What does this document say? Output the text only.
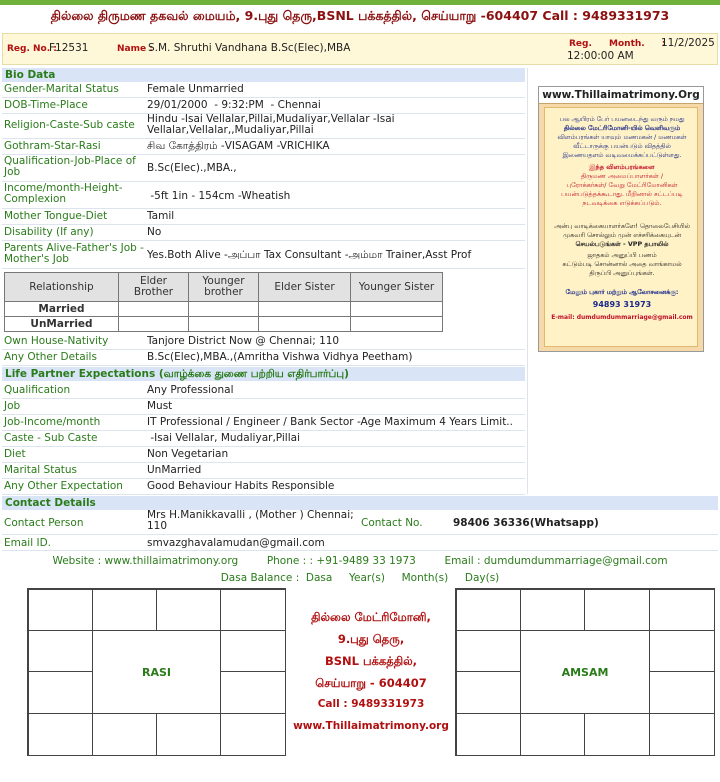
தில்லை திருமண தகவல் மையம், 9.புது தெரு,BSNL பக்கத்தில், செய்யாறு -604407 Call : 9489331973
Reg. No. :
F12531	Name :
S.M. Shruthi Vandhana B.Sc(Elec),MBA	Reg. Month. :
11/2/2025
12:00:00 AM
Bio Data
Gender-Marital Status	Female Unmarried
DOB-Time-Place	29/01/2000  - 9:32:PM  - Chennai
Religion-Caste-Sub caste	Hindu -Isai Vellalar,Pillai,Mudaliyar,Vellalar -Isai Vellalar,Vellalar,,Mudaliyar,Pillai
Gothram-Star-Rasi	சிவ கோத்திரம் -VISAGAM -VRICHIKA
Qualification-Job-Place of Job	B.Sc(Elec).,MBA.,
Income/month-Height-Complexion	-5ft 1in - 154cm -Wheatish
Mother Tongue-Diet	Tamil
Disability (If any)	No
Parents Alive-Father's Job - Mother's Job	Yes.Both Alive -அப்பா Tax Consultant -அம்மா Trainer,Asst Prof
Relationship	Elder Brother	Younger brother	Elder Sister	Younger Sister
Married				
UnMarried				
Own House-Nativity	Tanjore District Now @ Chennai; 110
Any Other Details	B.Sc(Elec),MBA.,(Amritha Vishwa Vidhya Peetham)
Life Partner Expectations (வாழ்க்கை துணை பற்றிய எதிர்பார்ப்பு)
Qualification	Any Professional
Job	Must
Job-Income/month	IT Professional / Engineer / Bank Sector -Age Maximum 4 Years Limit..
Caste - Sub Caste	-Isai Vellalar, Mudaliyar,Pillai
Diet	Non Vegetarian
Marital Status	UnMarried
Any Other Expectation	Good Behaviour Habits Responsible
www.Thillaimatrimony.Org
பல ஆயிரம் பேர் பயனடைந்து வரும் நமது
தில்லை மேட்ரிமோனி-யில் வெளிவரும்
விளம்பரங்கள் யாவும் மணமகன் / மணமகள்
வீட்டாருக்கு பயன்படும் விதத்தில்
இணையதளம் வடிவமைக்கப்பட்டுள்ளது.
இந்த விளம்பரங்களை
திருமண அமைப்பாளர்கள் /
புரோக்கர்கள்/ வேறு மேட்ரிமோனிகள்
பயன்படுத்தக்கூடாது. மீறினால் சட்டப்படி
நடவடிக்கை எடுக்கப்படும்.
அன்பு வாடிக்கையாளர்களே! தொலைபேசியில்
முகவரி சொல்லும் முன் எச்சரிக்கையுடன்
செயல்படுங்கள் - VPP தபாலில்
ஜாதகம் அனுப்பி பணம்
கட்டும்படி சொன்னால் அதை வாங்காமல்
திருப்பி அனுப்புங்கள்.
மேலும் புகார் மற்றும் ஆலோசனைக்கு:
94893 31973
E-mail: dumdumdummarriage@gmail.com
Contact Details
Contact Person
Mrs H.Manikkavalli , (Mother ) Chennai; 110	Contact No.	98406 36336(Whatsapp)
Email ID.	smvazghavalamudan@gmail.com
Website : www.thillaimatrimony.org	Phone : : +91-9489 33 1973	Email : dumdumdummarriage@gmail.com
Dasa Balance :  Dasa     Year(s)     Month(s)     Day(s)
RASI
தில்லை மேட்ரிமோனி,
9.புது தெரு,
BSNL பக்கத்தில்,
செய்யாறு - 604407
Call : 9489331973
www.Thillaimatrimony.org
AMSAM
